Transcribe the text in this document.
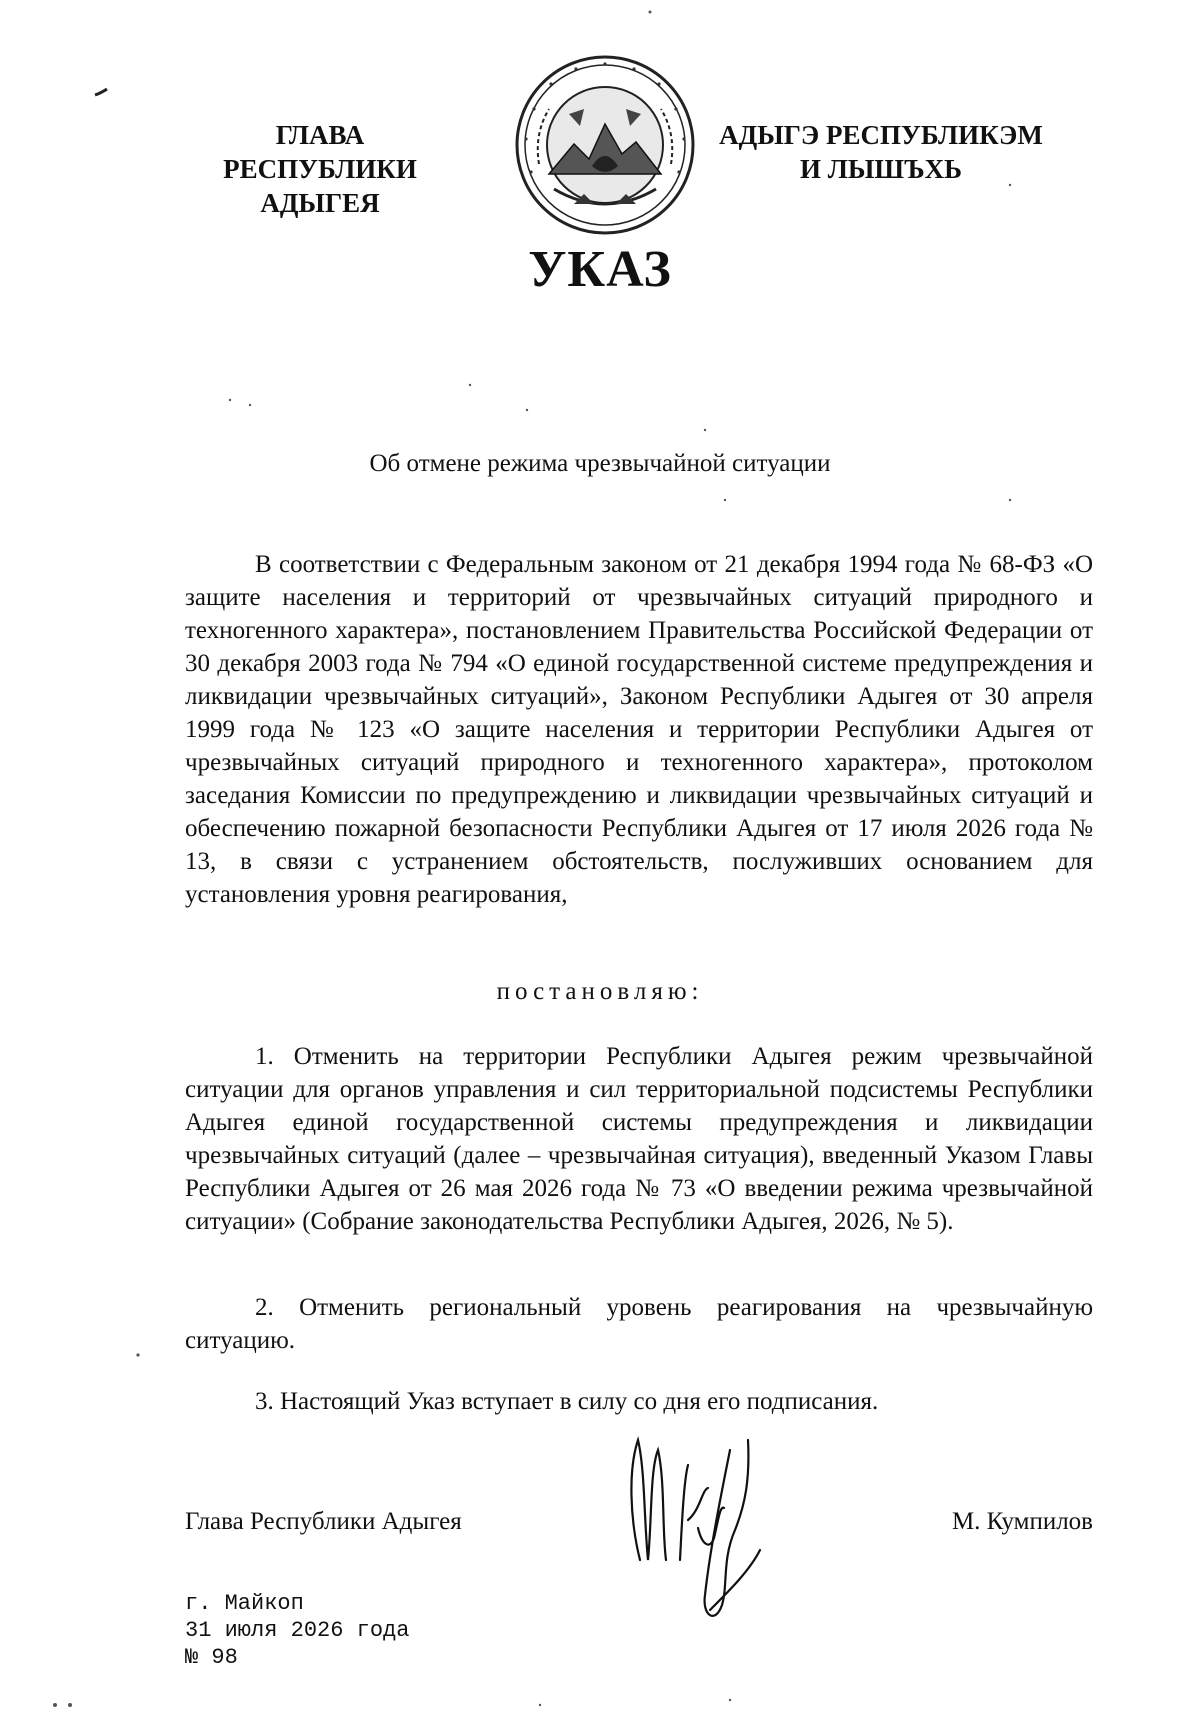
ГЛАВА
РЕСПУБЛИКИ АДЫГЕЯ
АДЫГЭ РЕСПУБЛИКЭМ
И ЛЫШЪХЬ
УКАЗ
Об отмене режима чрезвычайной ситуации
В соответствии с Федеральным законом от 21 декабря 1994 года № 68-ФЗ «О защите населения и территорий от чрезвычайных ситуаций природного и техногенного характера», постановлением Правительства Российской Федерации от 30 декабря 2003 года № 794 «О единой государственной системе предупреждения и ликвидации чрезвычайных ситуаций», Законом Республики Адыгея от 30 апреля 1999 года № 123 «О защите населения и территории Республики Адыгея от чрезвычайных ситуаций природного и техногенного характера», протоколом заседания Комиссии по предупреждению и ликвидации чрезвычайных ситуаций и обеспечению пожарной безопасности Республики Адыгея от 17 июля 2026 года № 13, в связи с устранением обстоятельств, послуживших основанием для установления уровня реагирования,
постановляю:
1. Отменить на территории Республики Адыгея режим чрезвычайной ситуации для органов управления и сил территориальной подсистемы Республики Адыгея единой государственной системы предупреждения и ликвидации чрезвычайных ситуаций (далее – чрезвычайная ситуация), введенный Указом Главы Республики Адыгея от 26 мая 2026 года № 73 «О введении режима чрезвычайной ситуации» (Собрание законодательства Республики Адыгея, 2026, № 5).
2. Отменить региональный уровень реагирования на чрезвычайную ситуацию.
3. Настоящий Указ вступает в силу со дня его подписания.
Глава Республики Адыгея	М. Кумпилов
г. Майкоп
31 июля 2026 года
№ 98
